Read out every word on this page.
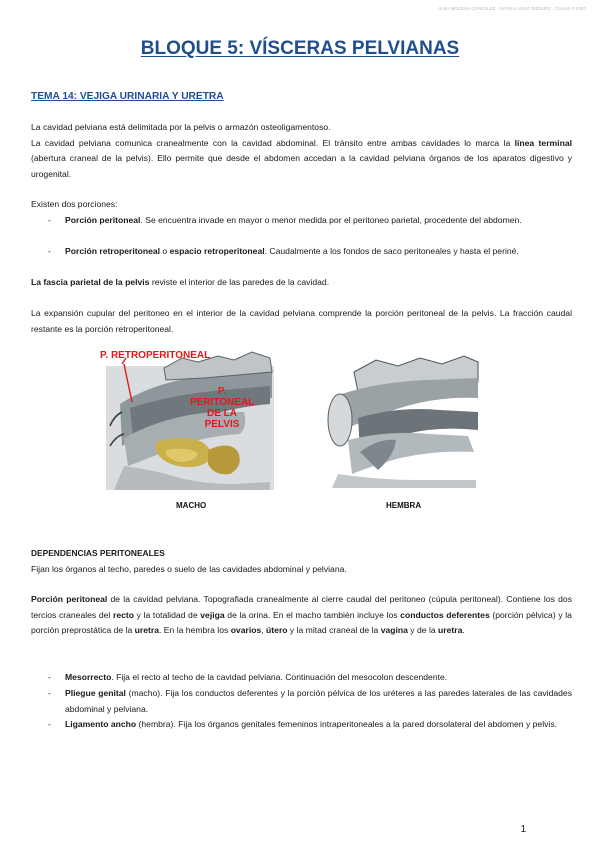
ALBA MOLDÁN GONZÁLEZ · NATALIA DÍAZ DIEGUEZ · CUALO F.FIZO
BLOQUE 5: VÍSCERAS PELVIANAS
TEMA 14: VEJIGA URINARIA Y URETRA
La cavidad pelviana está delimitada por la pelvis o armazón osteoligamentoso.
La cavidad pelviana comunica cranealmente con la cavidad abdominal. El tránsito entre ambas cavidades lo marca la línea terminal (abertura craneal de la pelvis). Ello permite que desde el abdomen accedan a la cavidad pelviana órganos de los aparatos digestivo y urogenital.
Existen dos porciones:
- Porción peritoneal. Se encuentra invade en mayor o menor medida por el peritoneo parietal, procedente del abdomen.
- Porción retroperitoneal o espacio retroperitoneal. Caudalmente a los fondos de saco peritoneales y hasta el periné.
La fascia parietal de la pelvis reviste el interior de las paredes de la cavidad.
La expansión cupular del peritoneo en el interior de la cavidad pelviana comprende la porción peritoneal de la pelvis. La fracción caudal restante es la porción retroperitoneal.
P. RETROPERITONEAL
P. PERITONEAL
DE LA PELVIS
MACHO	HEMBRA
DEPENDENCIAS PERITONEALES
Fijan los órganos al techo, paredes o suelo de las cavidades abdominal y pelviana.
Porción peritoneal de la cavidad pelviana. Topografiada cranealmente al cierre caudal del peritoneo (cúpula peritoneal). Contiene los dos tercios craneales del recto y la totalidad de vejiga de la orina. En el macho también incluye los conductos deferentes (porción pélvica) y la porción preprostática de la uretra. En la hembra los ovarios, útero y la mitad craneal de la vagina y de la uretra.
- Mesorrecto. Fija el recto al techo de la cavidad pelviana. Continuación del mesocolon descendente.
- Pliegue genital (macho). Fija los conductos deferentes y la porción pélvica de los uréteres a las paredes laterales de las cavidades abdominal y pelviana.
- Ligamento ancho (hembra). Fija los órganos genitales femeninos intraperitoneales a la pared dorsolateral del abdomen y pelvis.
1
